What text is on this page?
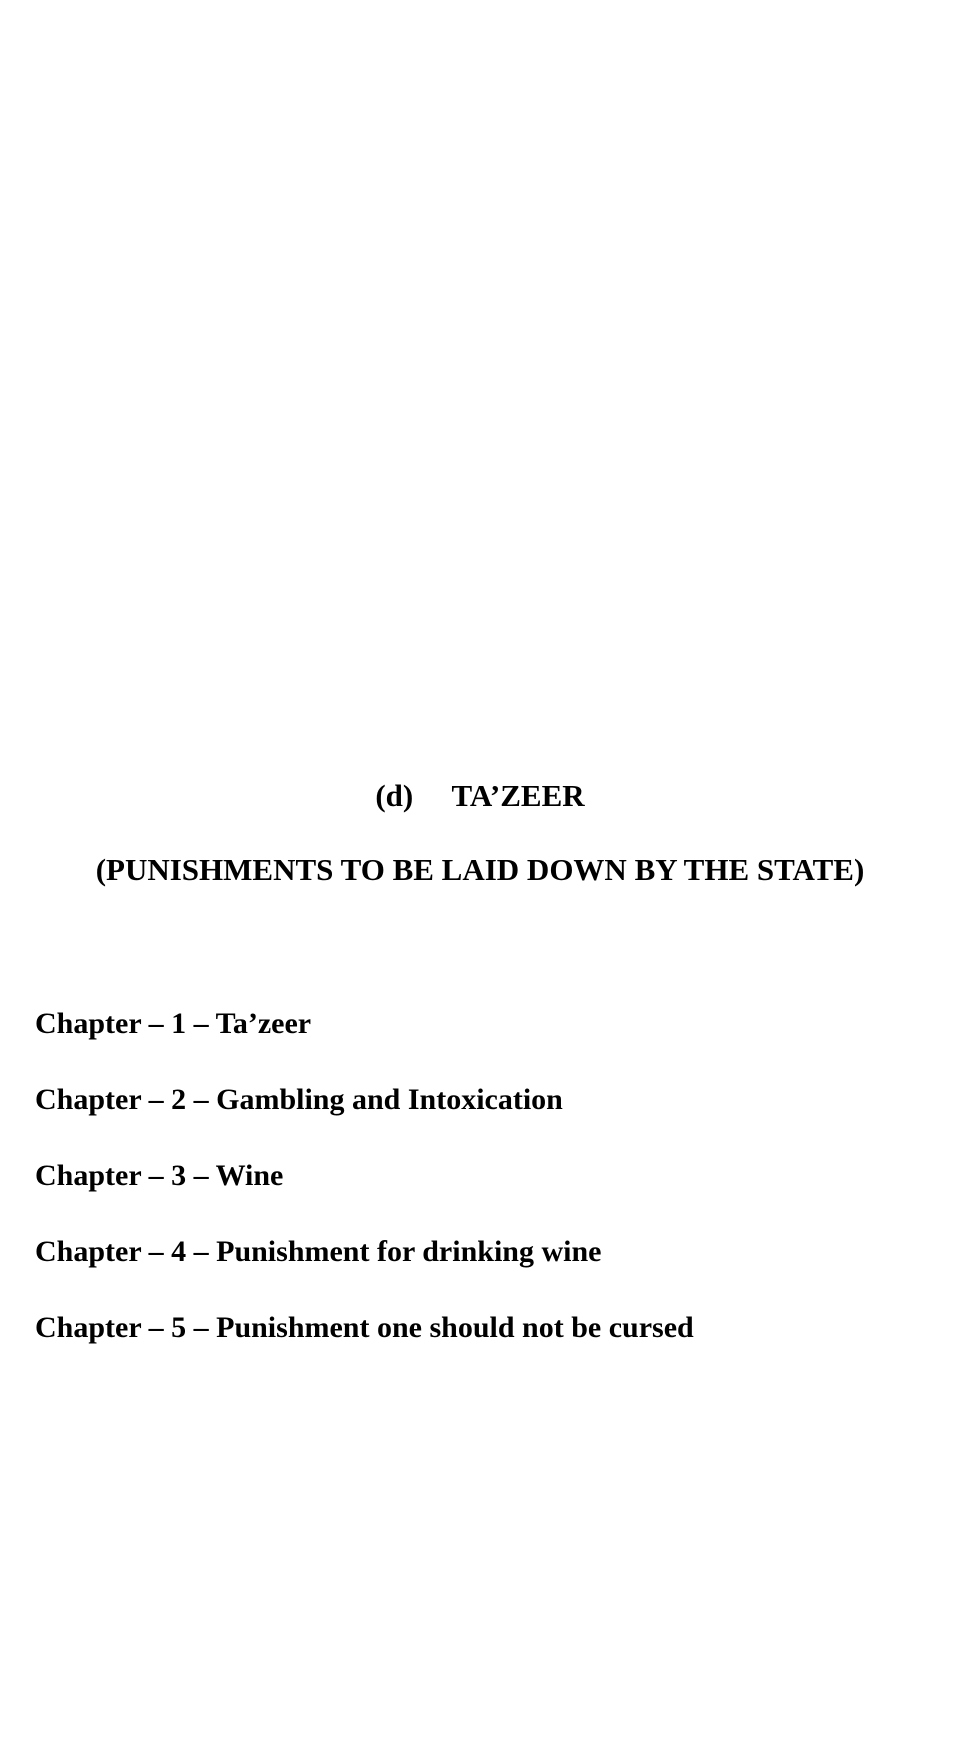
(d) TA’ZEER
(PUNISHMENTS TO BE LAID DOWN BY THE STATE)
Chapter – 1 – Ta’zeer
Chapter – 2 – Gambling and Intoxication
Chapter – 3 – Wine
Chapter – 4 – Punishment for drinking wine
Chapter – 5 – Punishment one should not be cursed
